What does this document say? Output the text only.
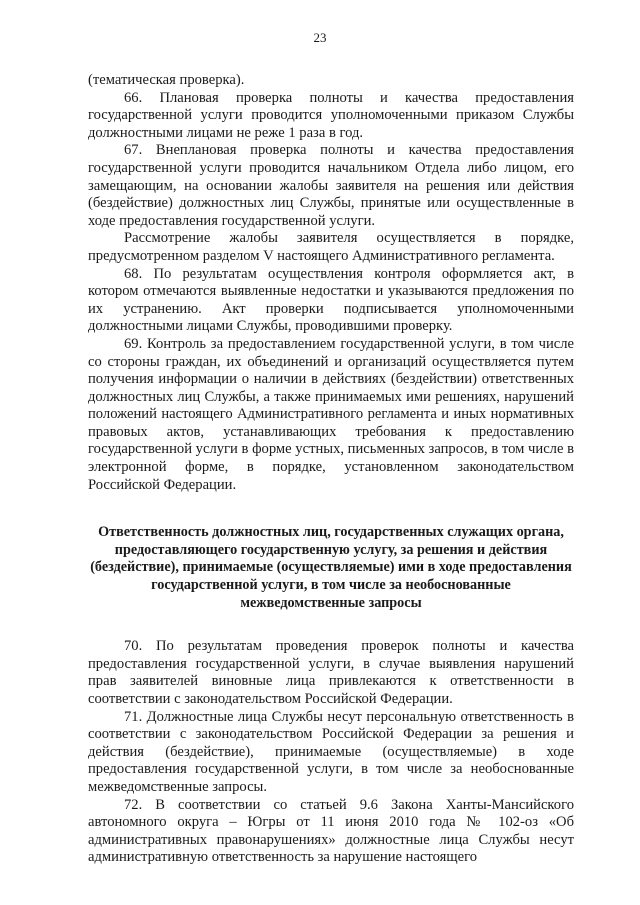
23

(тематическая проверка).

66. Плановая проверка полноты и качества предоставления государственной услуги проводится уполномоченными приказом Службы должностными лицами не реже 1 раза в год.

67. Внеплановая проверка полноты и качества предоставления государственной услуги проводится начальником Отдела либо лицом, его замещающим, на основании жалобы заявителя на решения или действия (бездействие) должностных лиц Службы, принятые или осуществленные в ходе предоставления государственной услуги.

Рассмотрение жалобы заявителя осуществляется в порядке, предусмотренном разделом V настоящего Административного регламента.

68. По результатам осуществления контроля оформляется акт, в котором отмечаются выявленные недостатки и указываются предложения по их устранению. Акт проверки подписывается уполномоченными должностными лицами Службы, проводившими проверку.

69. Контроль за предоставлением государственной услуги, в том числе со стороны граждан, их объединений и организаций осуществляется путем получения информации о наличии в действиях (бездействии) ответственных должностных лиц Службы, а также принимаемых ими решениях, нарушений положений настоящего Административного регламента и иных нормативных правовых актов, устанавливающих требования к предоставлению государственной услуги в форме устных, письменных запросов, в том числе в электронной форме, в порядке, установленном законодательством Российской Федерации.

Ответственность должностных лиц, государственных служащих органа, предоставляющего государственную услугу, за решения и действия (бездействие), принимаемые (осуществляемые) ими в ходе предоставления государственной услуги, в том числе за необоснованные межведомственные запросы

70. По результатам проведения проверок полноты и качества предоставления государственной услуги, в случае выявления нарушений прав заявителей виновные лица привлекаются к ответственности в соответствии с законодательством Российской Федерации.

71. Должностные лица Службы несут персональную ответственность в соответствии с законодательством Российской Федерации за решения и действия (бездействие), принимаемые (осуществляемые) в ходе предоставления государственной услуги, в том числе за необоснованные межведомственные запросы.

72. В соответствии со статьей 9.6 Закона Ханты-Мансийского автономного округа – Югры от 11 июня 2010 года № 102-оз «Об административных правонарушениях» должностные лица Службы несут административную ответственность за нарушение настоящего
